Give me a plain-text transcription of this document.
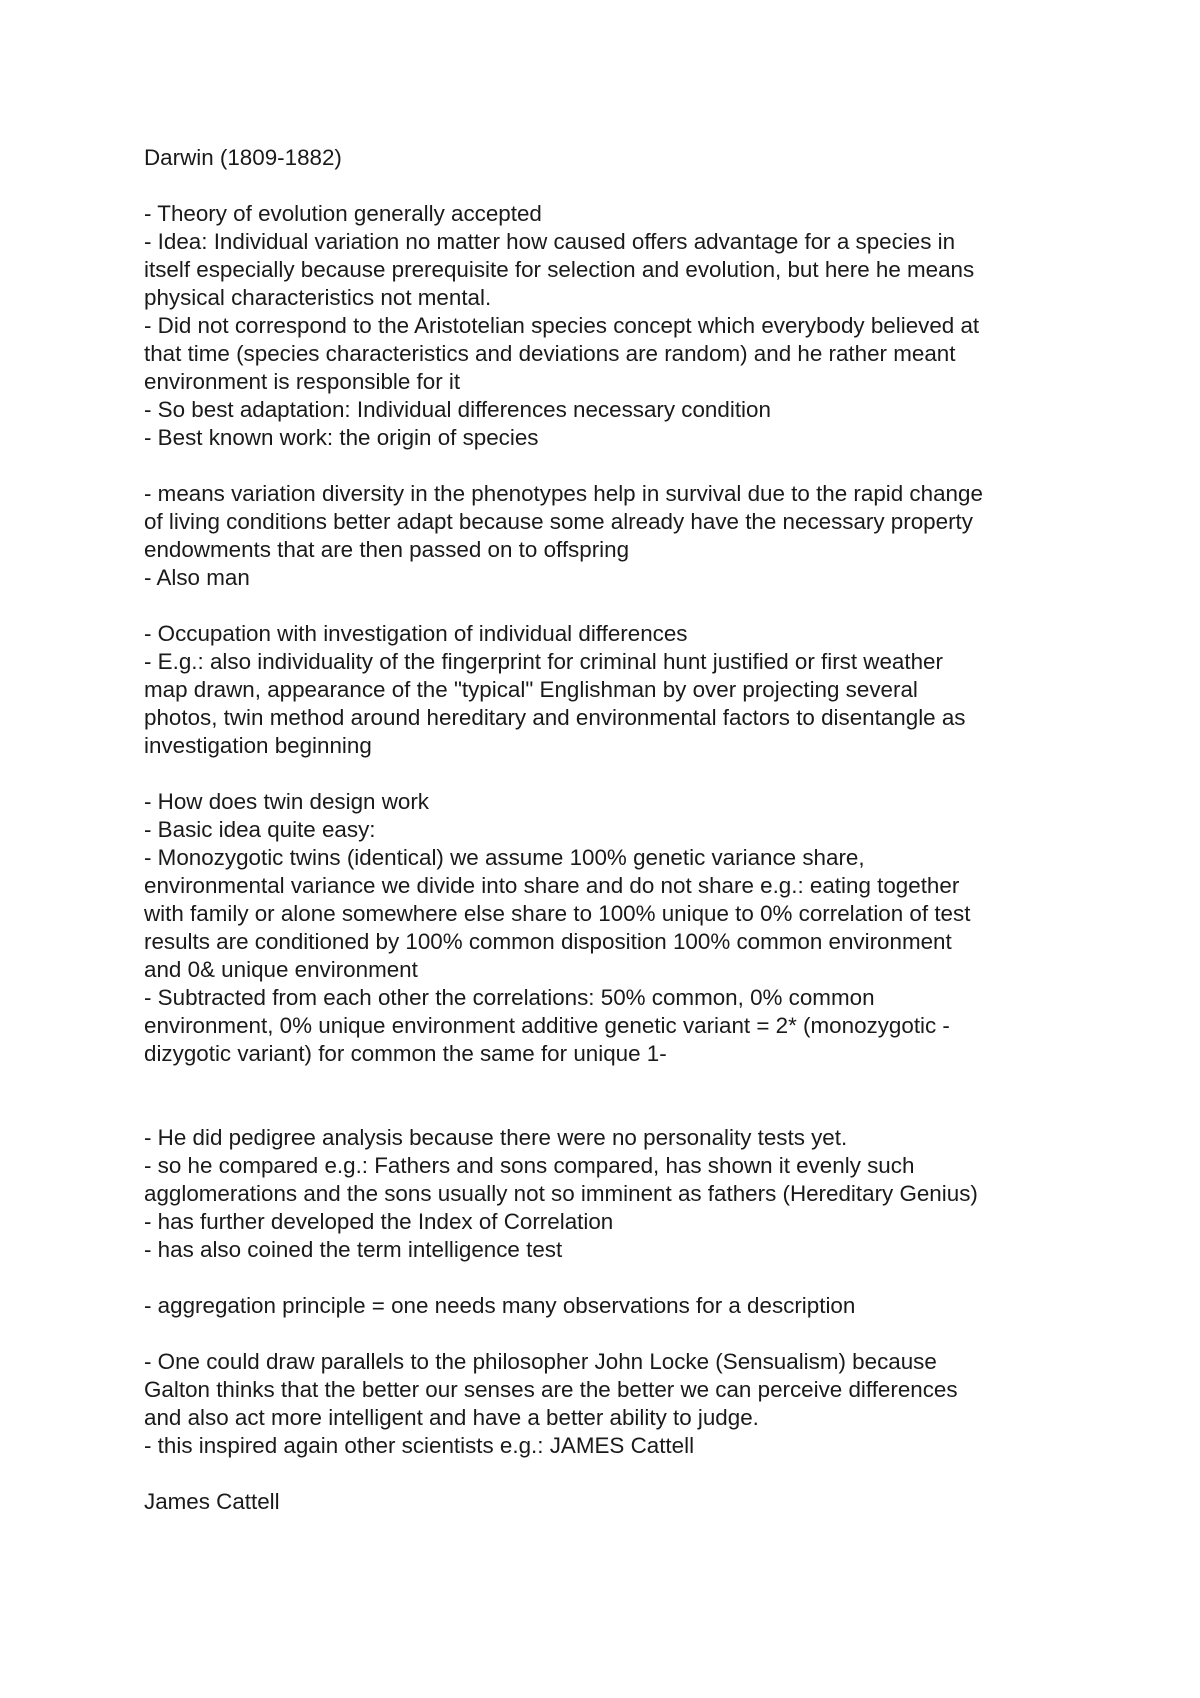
Darwin (1809-1882)
- Theory of evolution generally accepted
- Idea: Individual variation no matter how caused offers advantage for a species in
itself especially because prerequisite for selection and evolution, but here he means
physical characteristics not mental.
- Did not correspond to the Aristotelian species concept which everybody believed at
that time (species characteristics and deviations are random) and he rather meant
environment is responsible for it
- So best adaptation: Individual differences necessary condition
- Best known work: the origin of species
- means variation diversity in the phenotypes help in survival due to the rapid change
of living conditions better adapt because some already have the necessary property
endowments that are then passed on to offspring
- Also man
- Occupation with investigation of individual differences
- E.g.: also individuality of the fingerprint for criminal hunt justified or first weather
map drawn, appearance of the "typical" Englishman by over projecting several
photos, twin method around hereditary and environmental factors to disentangle as
investigation beginning
- How does twin design work
- Basic idea quite easy:
- Monozygotic twins (identical) we assume 100% genetic variance share,
environmental variance we divide into share and do not share e.g.: eating together
with family or alone somewhere else share to 100% unique to 0% correlation of test
results are conditioned by 100% common disposition 100% common environment
and 0& unique environment
- Subtracted from each other the correlations: 50% common, 0% common
environment, 0% unique environment additive genetic variant = 2* (monozygotic -
dizygotic variant) for common the same for unique 1-
- He did pedigree analysis because there were no personality tests yet.
- so he compared e.g.: Fathers and sons compared, has shown it evenly such
agglomerations and the sons usually not so imminent as fathers (Hereditary Genius)
- has further developed the Index of Correlation
- has also coined the term intelligence test
- aggregation principle = one needs many observations for a description
- One could draw parallels to the philosopher John Locke (Sensualism) because
Galton thinks that the better our senses are the better we can perceive differences
and also act more intelligent and have a better ability to judge.
- this inspired again other scientists e.g.: JAMES Cattell
James Cattell
